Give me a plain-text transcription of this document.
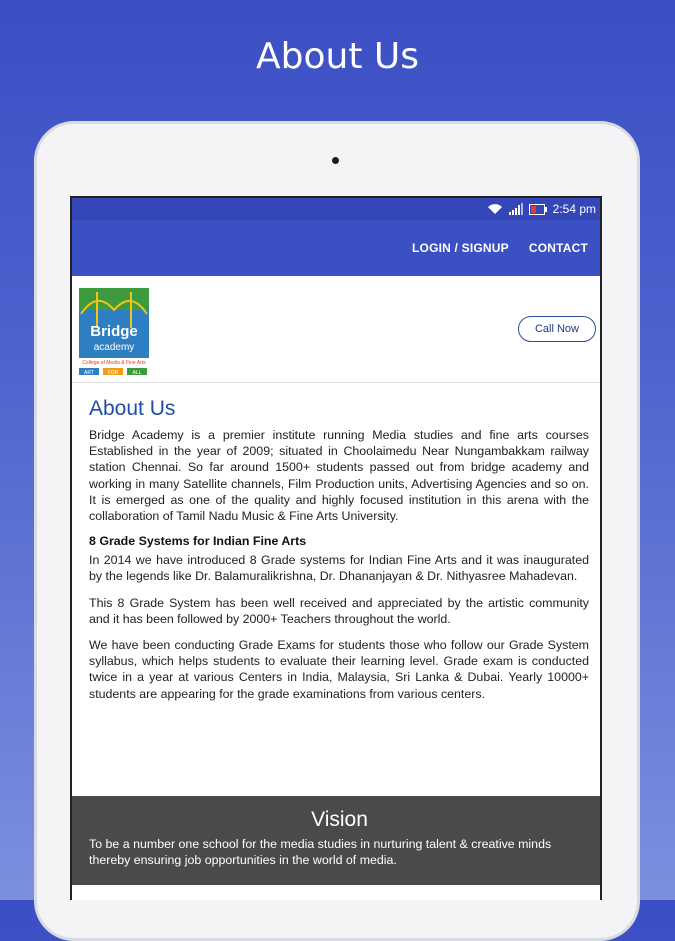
About Us
2:54 pm
LOGIN / SIGNUP CONTACT
Bridge
academy
College of Media & Fine Arts
ART	FOR	ALL
Call Now
About Us

Bridge Academy is a premier institute running Media studies and fine arts courses Established in the year of 2009; situated in Choolaimedu Near Nungambakkam railway station Chennai. So far around 1500+ students passed out from bridge academy and working in many Satellite channels, Film Production units, Advertising Agencies and so on. It is emerged as one of the quality and highly focused institution in this arena with the collaboration of Tamil Nadu Music & Fine Arts University.

8 Grade Systems for Indian Fine Arts

In 2014 we have introduced 8 Grade systems for Indian Fine Arts and it was inaugurated by the legends like Dr. Balamuralikrishna, Dr. Dhananjayan & Dr. Nithyasree Mahadevan.

This 8 Grade System has been well received and appreciated by the artistic community and it has been followed by 2000+ Teachers throughout the world.

We have been conducting Grade Exams for students those who follow our Grade System syllabus, which helps students to evaluate their learning level. Grade exam is conducted twice in a year at various Centers in India, Malaysia, Sri Lanka & Dubai. Yearly 10000+ students are appearing for the grade examinations from various centers.

Vision
To be a number one school for the media studies in nurturing talent & creative minds thereby ensuring job opportunities in the world of media.
